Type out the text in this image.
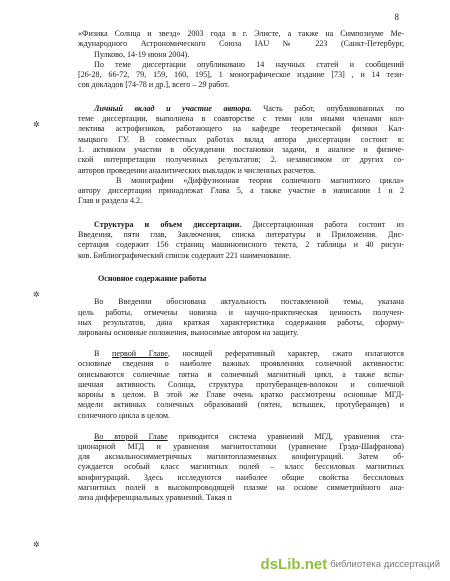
8
✲
✲
✲
«Физика Солнца и звезд» 2003 года в г. Элисте, а также на Симпозиуме Ме-
ждународного Астрономического Союза IAU № 223 (Санкт-Петербург,
Пулково, 14-19 июня 2004).
По теме диссертации опубликовано 14 научных статей и сообщений
[26-28, 66-72, 79, 159, 160, 195], 1 монографическое издание [73] , и 14 тези-
сов докладов [74-78 и др.], всего – 29 работ.
Личный вклад и участие автора. Часть работ, опубликованных по
теме диссертации, выполнена в соавторстве с теми или иными членами кол-
лектива астрофизиков, работающего на кафедре теоретической физики Кал-
мыцкого ГУ. В совместных работах вклад автора диссертации состоит в:
1. активном участии в обсуждении постановки задачи, в анализе и физиче-
ской интерпретации полученных результатов; 2. независимом от других со-
авторов проведении аналитических выкладок и численных расчетов.
В монографии «Диффузионная теория солнечного магнитного цикла»
автору диссертации принадлежат Глава 5, а также участие в написании 1 и 2
Глав и раздела 4.2.
Структура и объем диссертации. Диссертационная работа состоит из
Введения, пяти глав, Заключения, списка литературы и Приложения. Дис-
сертация содержит 156 страниц машинописного текста, 2 таблицы и 40 рисун-
ков. Библиографический список содержит 221 наименование.
Основное содержание работы
Во Введении обоснована актуальность поставленной темы, указана
цель работы, отмечены новизна и научно-практическая ценность получен-
ных результатов, дана краткая характеристика содержания работы, сформу-
лированы основные положения, выносимые автором на защиту.
В первой Главе, носящей реферативный характер, сжато излагаются
основные сведения о наиболее важных проявлениях солнечной активности:
описываются солнечные пятна и солнечный магнитный цикл, а также вспы-
шечная активность Солнца, структура протуберанцев-волокон и солнечной
короны в целом. В этой же Главе очень кратко рассмотрены основные МГД-
модели активных солнечных образований (пятен, вспышек, протуберанцев) и
солнечного цикла в целом.
Во второй Главе приводится система уравнений МГД, уравнения ста-
ционарной МГД и уравнения магнитостатики (уравнение Грэда-Шафранова)
для аксиальносимметричных магнитоплазменных конфигураций. Затем об-
суждается особый класс магнитных полей – класс бессиловых магнитных
конфигураций. Здесь исследуются наиболее общие свойства бессиловых
магнитных полей в высокопроводящей плазме на основе симметрийного ана-
лиза дифференциальных уравнений. Такая п
dsLib.net библиотека диссертаций
